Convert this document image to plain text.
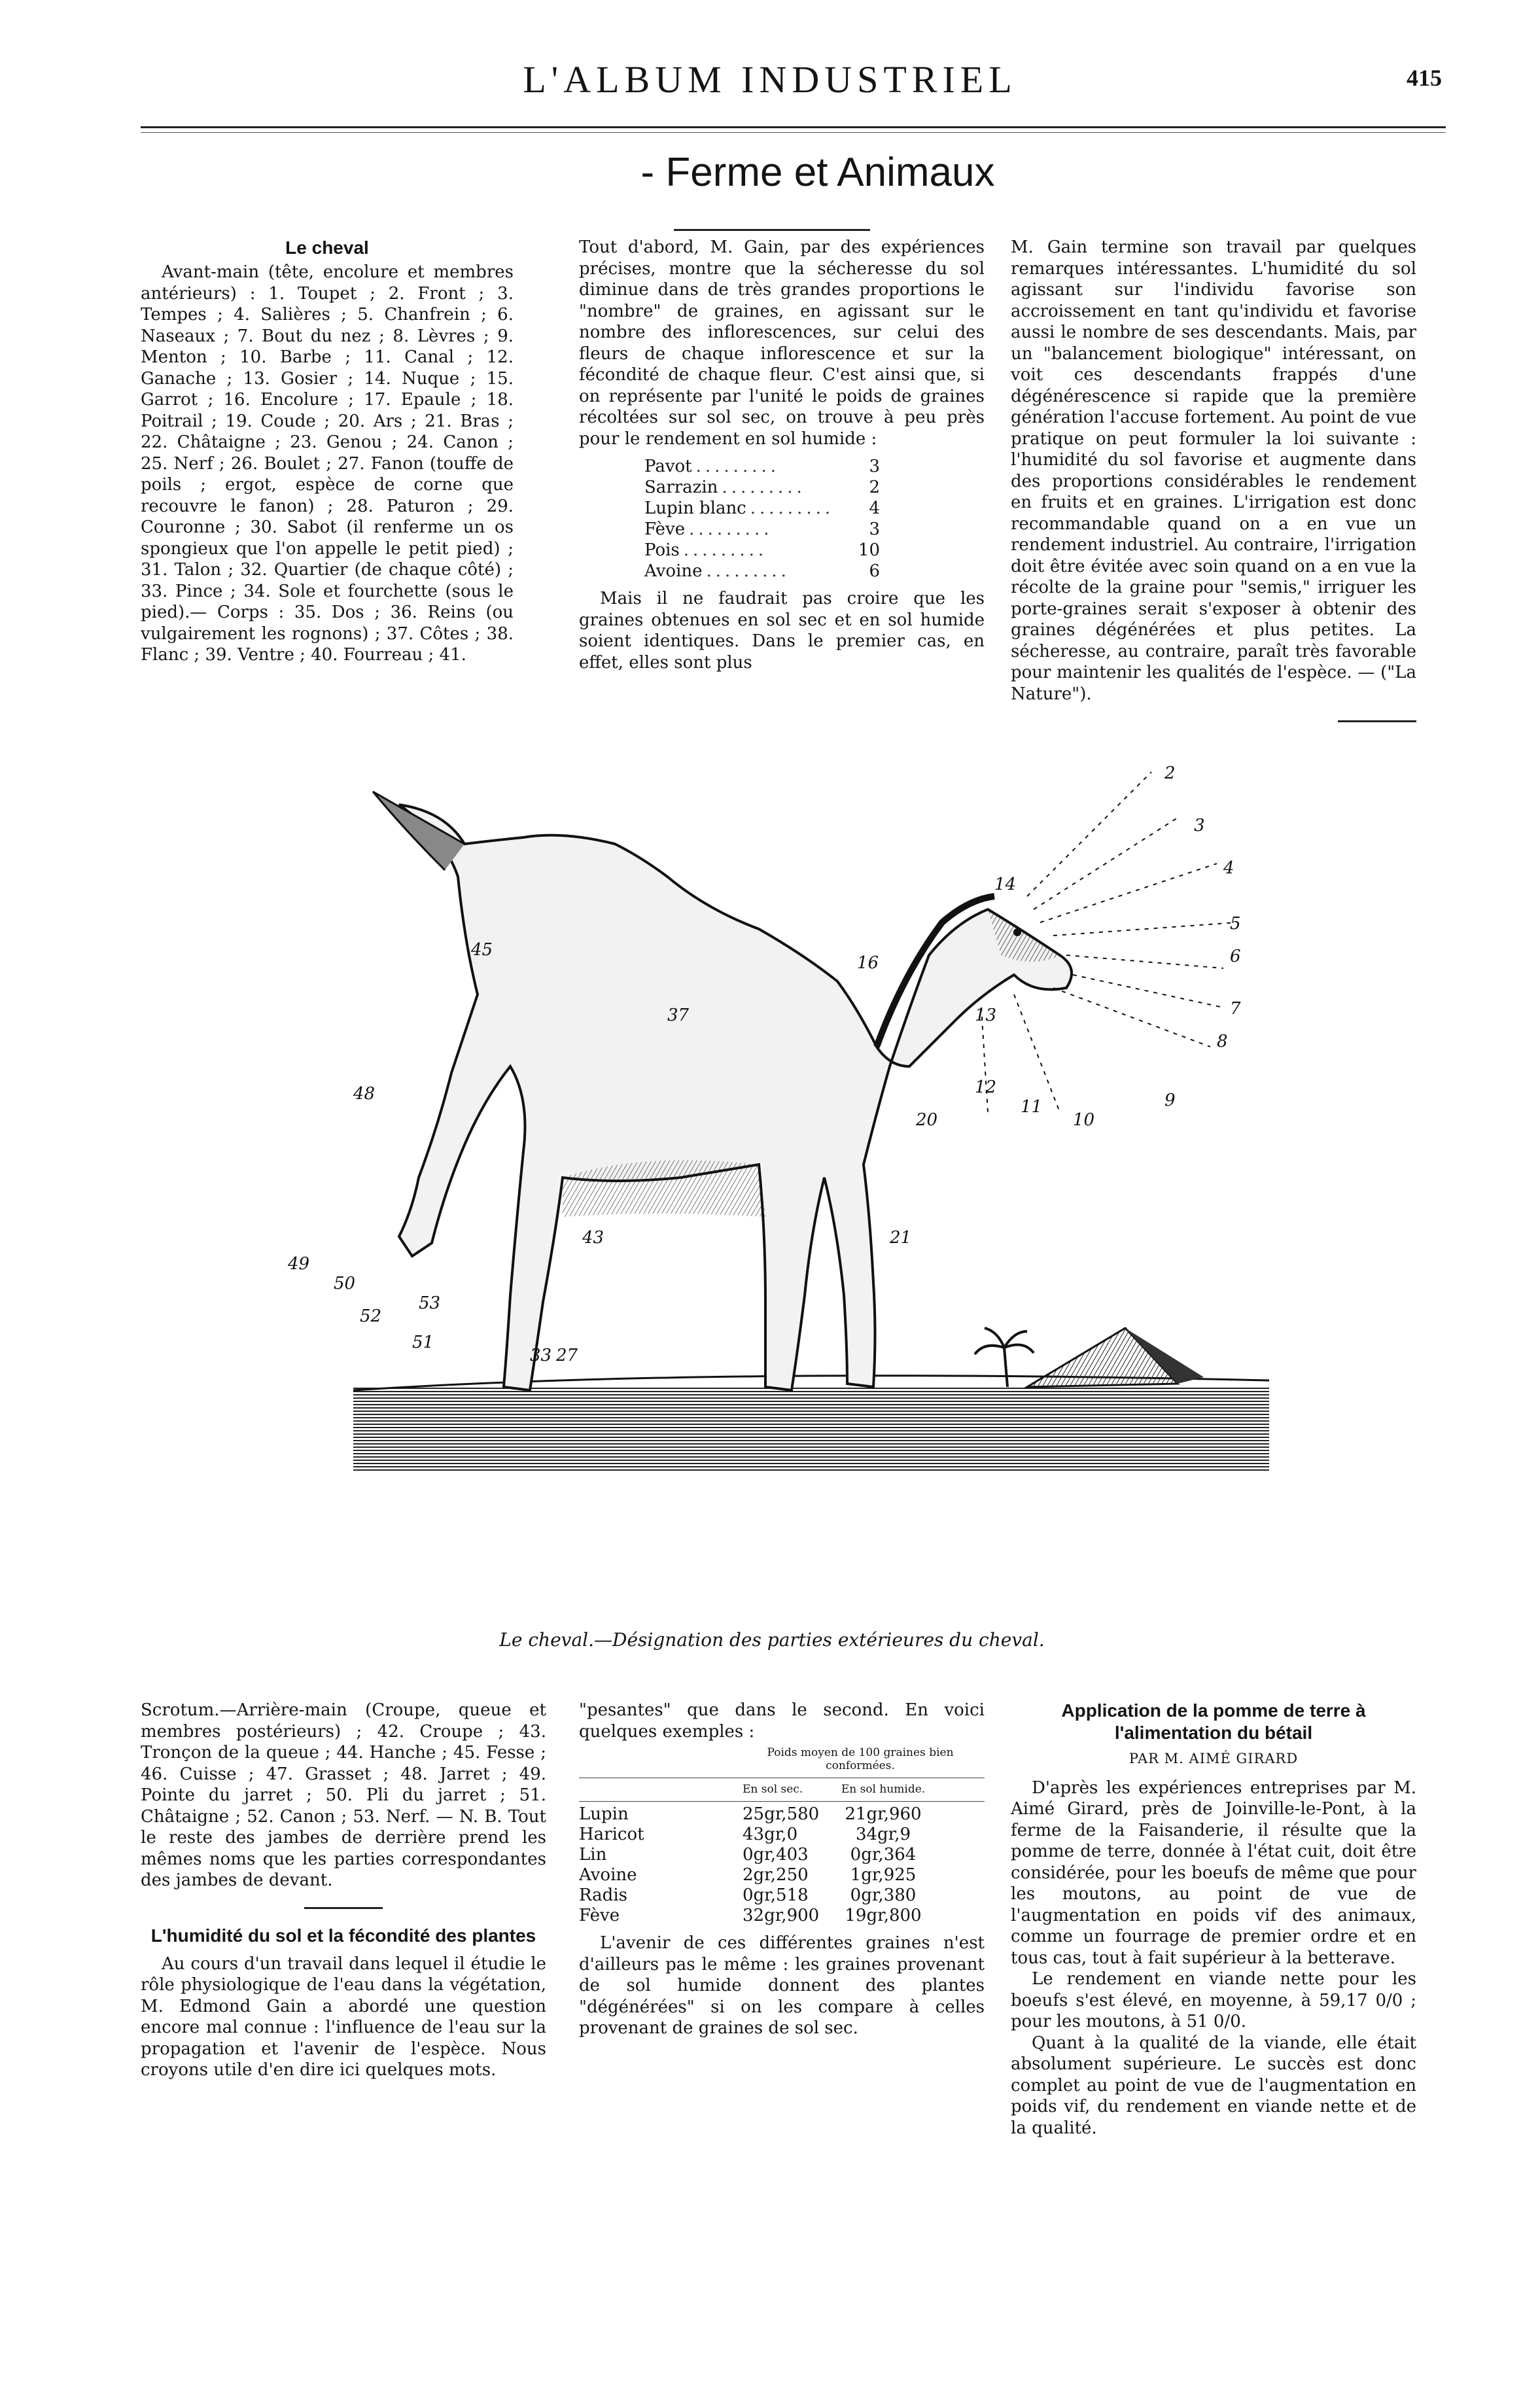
L'ALBUM INDUSTRIEL	415
- Ferme et Animaux
Le cheval

Avant-main (tête, encolure et membres antérieurs) : 1. Toupet ; 2. Front ; 3. Tempes ; 4. Salières ; 5. Chanfrein ; 6. Naseaux ; 7. Bout du nez ; 8. Lèvres ; 9. Menton ; 10. Barbe ; 11. Canal ; 12. Ganache ; 13. Gosier ; 14. Nuque ; 15. Garrot ; 16. Encolure ; 17. Epaule ; 18. Poitrail ; 19. Coude ; 20. Ars ; 21. Bras ; 22. Châtaigne ; 23. Genou ; 24. Canon ; 25. Nerf ; 26. Boulet ; 27. Fanon (touffe de poils ; ergot, espèce de corne que recouvre le fanon) ; 28. Paturon ; 29. Couronne ; 30. Sabot (il renferme un os spongieux que l'on appelle le petit pied) ; 31. Talon ; 32. Quartier (de chaque côté) ; 33. Pince ; 34. Sole et fourchette (sous le pied).— Corps : 35. Dos ; 36. Reins (ou vulgairement les rognons) ; 37. Côtes ; 38. Flanc ; 39. Ventre ; 40. Fourreau ; 41.

Tout d'abord, M. Gain, par des expériences précises, montre que la sécheresse du sol diminue dans de très grandes proportions le "nombre" de graines, en agissant sur le nombre des inflorescences, sur celui des fleurs de chaque inflorescence et sur la fécondité de chaque fleur. C'est ainsi que, si on représente par l'unité le poids de graines récoltées sur sol sec, on trouve à peu près pour le rendement en sol humide :

Pavot .........	3
Sarrazin .........	2
Lupin blanc .........	4
Fève .........	3
Pois .........	10
Avoine .........	6

Mais il ne faudrait pas croire que les graines obtenues en sol sec et en sol humide soient identiques. Dans le premier cas, en effet, elles sont plus

M. Gain termine son travail par quelques remarques intéressantes. L'humidité du sol agissant sur l'individu favorise son accroissement en tant qu'individu et favorise aussi le nombre de ses descendants. Mais, par un "balancement biologique" intéressant, on voit ces descendants frappés d'une dégénérescence si rapide que la première génération l'accuse fortement. Au point de vue pratique on peut formuler la loi suivante : l'humidité du sol favorise et augmente dans des proportions considérables le rendement en fruits et en graines. L'irrigation est donc recommandable quand on a en vue un rendement industriel. Au contraire, l'irrigation doit être évitée avec soin quand on a en vue la récolte de la graine pour "semis," irriguer les porte-graines serait s'exposer à obtenir des graines dégénérées et plus petites. La sécheresse, au contraire, paraît très favorable pour maintenir les qualités de l'espèce. — ("La Nature").

14
2
3
4
5
6
7
8
9
10
11
12
13
16
20
21
37
45
48
49
50
52
53
51
43
33 27
Le cheval.—Désignation des parties extérieures du cheval.

Scrotum.—Arrière-main (Croupe, queue et membres postérieurs) ; 42. Croupe ; 43. Tronçon de la queue ; 44. Hanche ; 45. Fesse ; 46. Cuisse ; 47. Grasset ; 48. Jarret ; 49. Pointe du jarret ; 50. Pli du jarret ; 51. Châtaigne ; 52. Canon ; 53. Nerf. — N. B. Tout le reste des jambes de derrière prend les mêmes noms que les parties correspondantes des jambes de devant.

L'humidité du sol et la fécondité des plantes

Au cours d'un travail dans lequel il étudie le rôle physiologique de l'eau dans la végétation, M. Edmond Gain a abordé une question encore mal connue : l'influence de l'eau sur la propagation et l'avenir de l'espèce. Nous croyons utile d'en dire ici quelques mots.

"pesantes" que dans le second. En voici quelques exemples :

Poids moyen de 100 graines bien conformées.
En sol sec.	En sol humide.
Lupin	25gr,580	21gr,960
Haricot	43gr,0	34gr,9
Lin	0gr,403	0gr,364
Avoine	2gr,250	1gr,925
Radis	0gr,518	0gr,380
Fève	32gr,900	19gr,800

L'avenir de ces différentes graines n'est d'ailleurs pas le même : les graines provenant de sol humide donnent des plantes "dégénérées" si on les compare à celles provenant de graines de sol sec.

Application de la pomme de terre à l'alimentation du bétail
PAR M. AIMÉ GIRARD

D'après les expériences entreprises par M. Aimé Girard, près de Joinville-le-Pont, à la ferme de la Faisanderie, il résulte que la pomme de terre, donnée à l'état cuit, doit être considérée, pour les boeufs de même que pour les moutons, au point de vue de l'augmentation en poids vif des animaux, comme un fourrage de premier ordre et en tous cas, tout à fait supérieur à la betterave.

Le rendement en viande nette pour les boeufs s'est élevé, en moyenne, à 59,17 0/0 ; pour les moutons, à 51 0/0.

Quant à la qualité de la viande, elle était absolument supérieure. Le succès est donc complet au point de vue de l'augmentation en poids vif, du rendement en viande nette et de la qualité.
